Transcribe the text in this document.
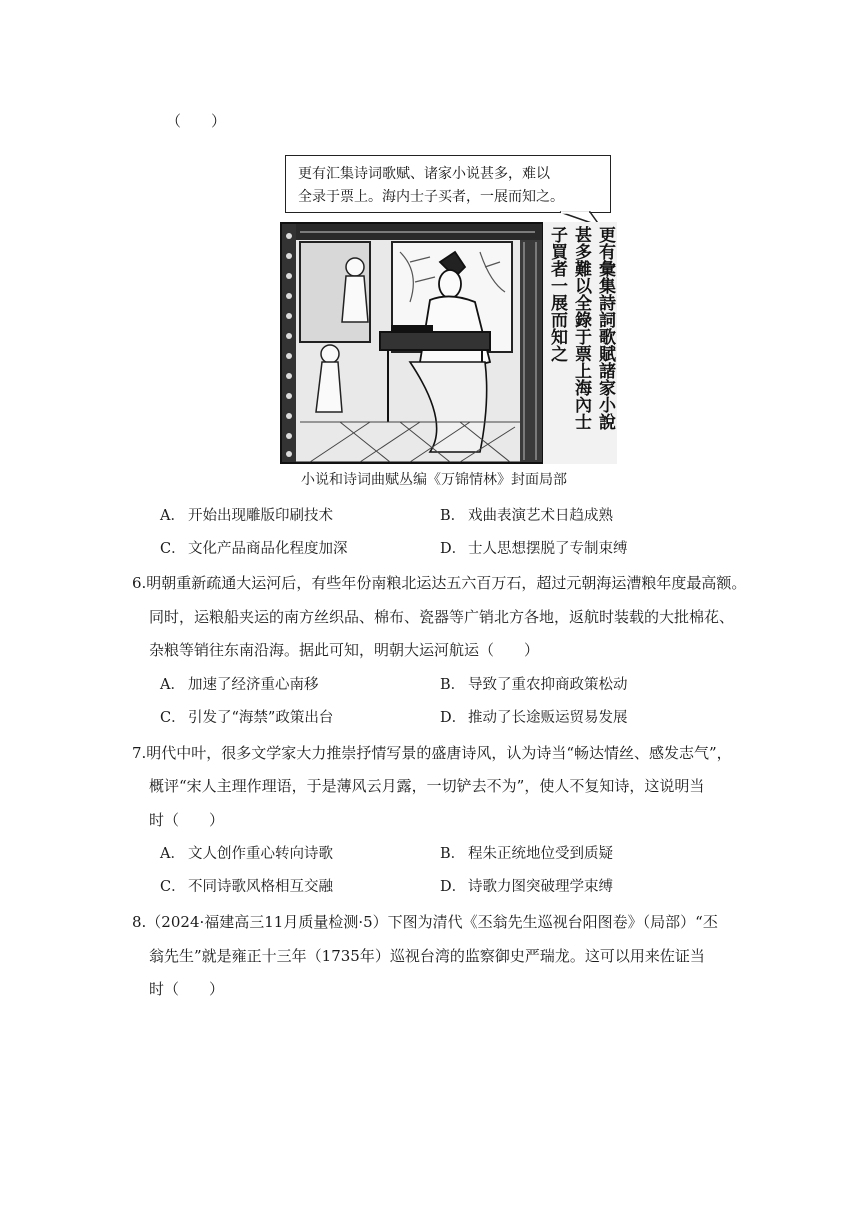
（　　）
更有汇集诗词歌赋、诸家小说甚多，难以
全录于票上。海内士子买者，一展而知之。
更有彙集詩詞歌賦諸家小說
甚多難以全錄于票上海內士
子買者一展而知之
小说和诗词曲赋丛编《万锦情林》封面局部
A． 开始出现雕版印刷技术	B． 戏曲表演艺术日趋成熟
C． 文化产品商品化程度加深	D． 士人思想摆脱了专制束缚
6.明朝重新疏通大运河后，有些年份南粮北运达五六百万石，超过元朝海运漕粮年度最高额。
同时，运粮船夹运的南方丝织品、棉布、瓷器等广销北方各地，返航时装载的大批棉花、
杂粮等销往东南沿海。据此可知，明朝大运河航运（　　）
A． 加速了经济重心南移	B． 导致了重农抑商政策松动
C． 引发了“海禁”政策出台	D． 推动了长途贩运贸易发展
7.明代中叶，很多文学家大力推崇抒情写景的盛唐诗风，认为诗当“畅达情丝、感发志气”，
概评“宋人主理作理语，于是薄风云月露，一切铲去不为”，使人不复知诗，这说明当
时（　　）
A． 文人创作重心转向诗歌	B． 程朱正统地位受到质疑
C． 不同诗歌风格相互交融	D． 诗歌力图突破理学束缚
8.（2024·福建高三11月质量检测·5）下图为清代《丕翁先生巡视台阳图卷》（局部）“丕
翁先生”就是雍正十三年（1735年）巡视台湾的监察御史严瑞龙。这可以用来佐证当
时（　　）
